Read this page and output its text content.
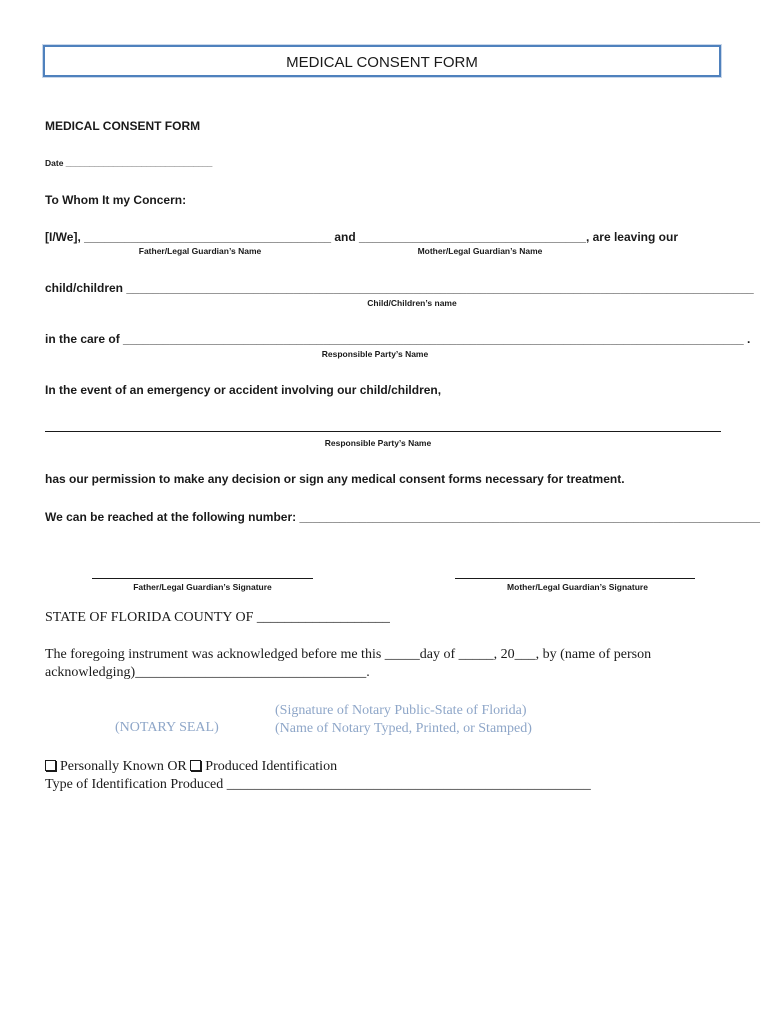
MEDICAL CONSENT FORM
MEDICAL CONSENT FORM
Date _______________________________
To Whom It my Concern:
[I/We], _____________________________________ and __________________________________, are leaving our
Father/Legal Guardian’s Name	Mother/Legal Guardian’s Name
child/children ______________________________________________________________________________________________
Child/Children’s name
in the care of _____________________________________________________________________________________________ .
Responsible Party’s Name
In the event of an emergency or accident involving our child/children,
Responsible Party’s Name
has our permission to make any decision or sign any medical consent forms necessary for treatment.
We can be reached at the following number: _____________________________________________________________________
Father/Legal Guardian’s Signature	Mother/Legal Guardian’s Signature
STATE OF FLORIDA COUNTY OF ___________________
The foregoing instrument was acknowledged before me this _____day of _____, 20___, by (name of person
acknowledging)_________________________________.
(Signature of Notary Public-State of Florida)
(NOTARY SEAL)	(Name of Notary Typed, Printed, or Stamped)
Personally Known OR Produced Identification
Type of Identification Produced ____________________________________________________
